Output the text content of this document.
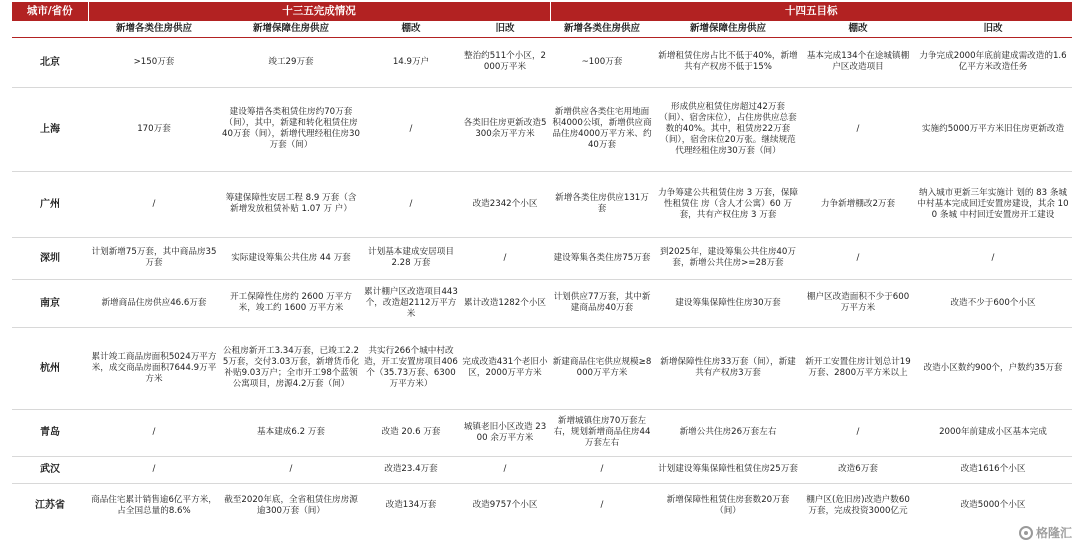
城市/省份	十三五完成情况				十四五目标			
	新增各类住房供应	新增保障住房供应	棚改	旧改	新增各类住房供应	新增保障住房供应	棚改	旧改
北京	>150万套	竣工29万套	14.9万户	整治约511个小区，2000万平米	~100万套	新增租赁住房占比不低于40%，新增共有产权房不低于15%	基本完成134个在途城镇棚户区改造项目	力争完成2000年底前建成需改造的1.6亿平方米改造任务
上海	170万套	建设筹措各类租赁住房约70万套（间），其中，新建和转化租赁住房40万套（间），新增代理经租住房30万套（间）	/	各类旧住房更新改造5300余万平方米	新增供应各类住宅用地面积4000公顷，新增供应商品住房4000万平方米、约40万套	形成供应租赁住房超过42万套（间）、宿舍床位），占住房供应总套数的40%。其中，租赁房22万套（间），宿舍床位20万张。继续规范代理经租住房30万套（间）	/	实施约5000万平方米旧住房更新改造
广州	/	筹建保障性安居工程 8.9 万套（含新增发放租赁补贴 1.07 万 户）	/	改造2342个小区	新增各类住房供应131万套	力争筹建公共租赁住房 3 万套，保障性租赁住 房（含人才公寓）60 万套，共有产权住房 3 万套	力争新增棚改2万套	纳入城市更新三年实施计 划的 83 条城中村基本完成回迁安置房建设，其余 100 条城 中村回迁安置房开工建设
深圳	计划新增75万套，其中商品房35万套	实际建设筹集公共住房 44 万套	计划基本建成安居项目 2.28 万套	/	建设筹集各类住房75万套	到2025年，建设筹集公共住房40万套，新增公共住房>=28万套	/	/
南京	新增商品住房供应46.6万套	开工保障性住房约 2600 万平方米，竣工约 1600 万平方米	累计棚户区改造项目443个，改造超2112万平方米	累计改造1282个小区	计划供应77万套，其中新建商品房40万套	建设筹集保障性住房30万套	棚户区改造面积不少于600万平方米	改造不少于600个小区
杭州	累计竣工商品房面积5024万平方米，成交商品房面积7644.9万平方米	公租房新开工3.34万套，已竣工2.25万套，交付3.03万套，新增货币化补贴9.03万户；全市开工98个蓝领公寓项目，房源4.2万套（间）	共实行266个城中村改造，开工安置房项目406个（35.73万套、6300万平方米）	完成改造431个老旧小区，2000万平方米	新建商品住宅供应规模≥8000万平方米	新增保障性住房33万套（间），新建共有产权房3万套	新开工安置住房计划总计19万套、2800万平方米以上	改造小区数约900个，户数约35万套
青岛	/	基本建成6.2 万套	改造 20.6 万套	城镇老旧小区改造 2300 余万平方米	新增城镇住房70万套左右，规划新增商品住房44万套左右	新增公共住房26万套左右	/	2000年前建成小区基本完成
武汉	/	/	改造23.4万套	/	/	计划建设筹集保障性租赁住房25万套	改造6万套	改造1616个小区
江苏省	商品住宅累计销售逾6亿平方米，占全国总量的8.6%	截至2020年底，全省租赁住房房源逾300万套（间）	改造134万套	改造9757个小区	/	新增保障性租赁住房套数20万套（间）	棚户区(危旧房)改造户数60万套，完成投资3000亿元	改造5000个小区
格隆汇
